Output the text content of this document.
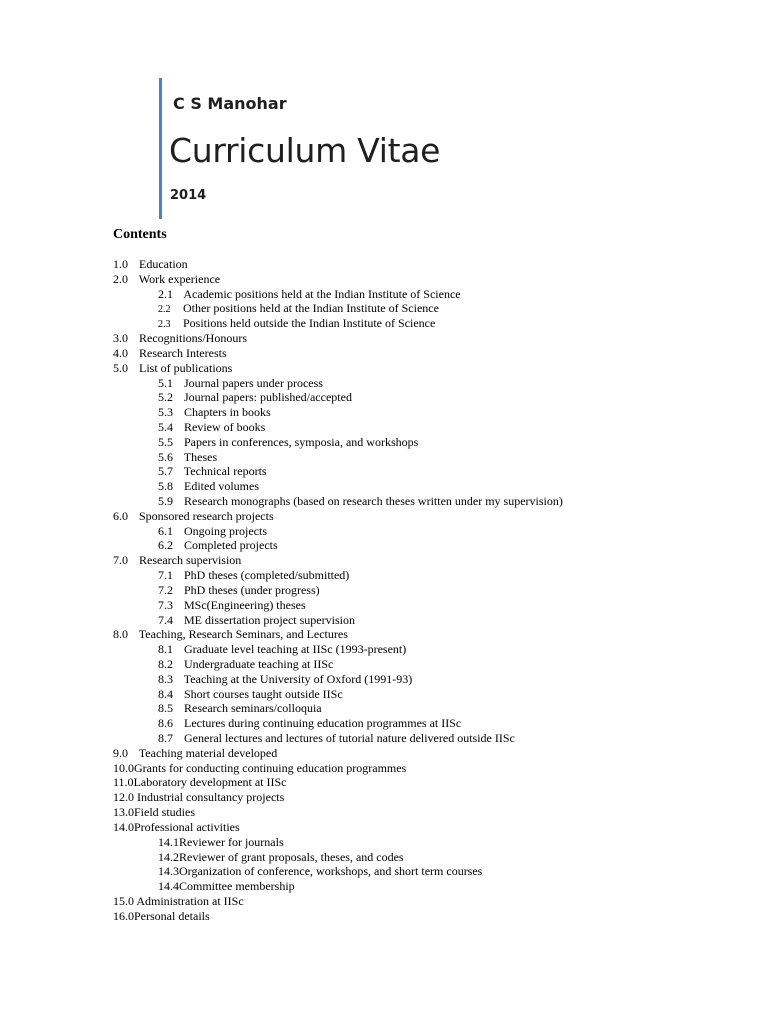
C S Manohar
Curriculum Vitae
2014
Contents
1.0 Education
2.0 Work experience
2.1 Academic positions held at the Indian Institute of Science
2.2 Other positions held at the Indian Institute of Science
2.3 Positions held outside the Indian Institute of Science
3.0 Recognitions/Honours
4.0 Research Interests
5.0 List of publications
5.1 Journal papers under process
5.2 Journal papers: published/accepted
5.3 Chapters in books
5.4 Review of books
5.5 Papers in conferences, symposia, and workshops
5.6 Theses
5.7 Technical reports
5.8 Edited volumes
5.9 Research monographs (based on research theses written under my supervision)
6.0 Sponsored research projects
6.1 Ongoing projects
6.2 Completed projects
7.0 Research supervision
7.1 PhD theses (completed/submitted)
7.2 PhD theses (under progress)
7.3 MSc(Engineering) theses
7.4 ME dissertation project supervision
8.0 Teaching, Research Seminars, and Lectures
8.1 Graduate level teaching at IISc (1993-present)
8.2 Undergraduate teaching at IISc
8.3 Teaching at the University of Oxford (1991-93)
8.4 Short courses taught outside IISc
8.5 Research seminars/colloquia
8.6 Lectures during continuing education programmes at IISc
8.7 General lectures and lectures of tutorial nature delivered outside IISc
9.0 Teaching material developed
10.0Grants for conducting continuing education programmes
11.0Laboratory development at IISc
12.0 Industrial consultancy projects
13.0Field studies
14.0Professional activities
14.1Reviewer for journals
14.2Reviewer of grant proposals, theses, and codes
14.3Organization of conference, workshops, and short term courses
14.4Committee membership
15.0 Administration at IISc
16.0Personal details
